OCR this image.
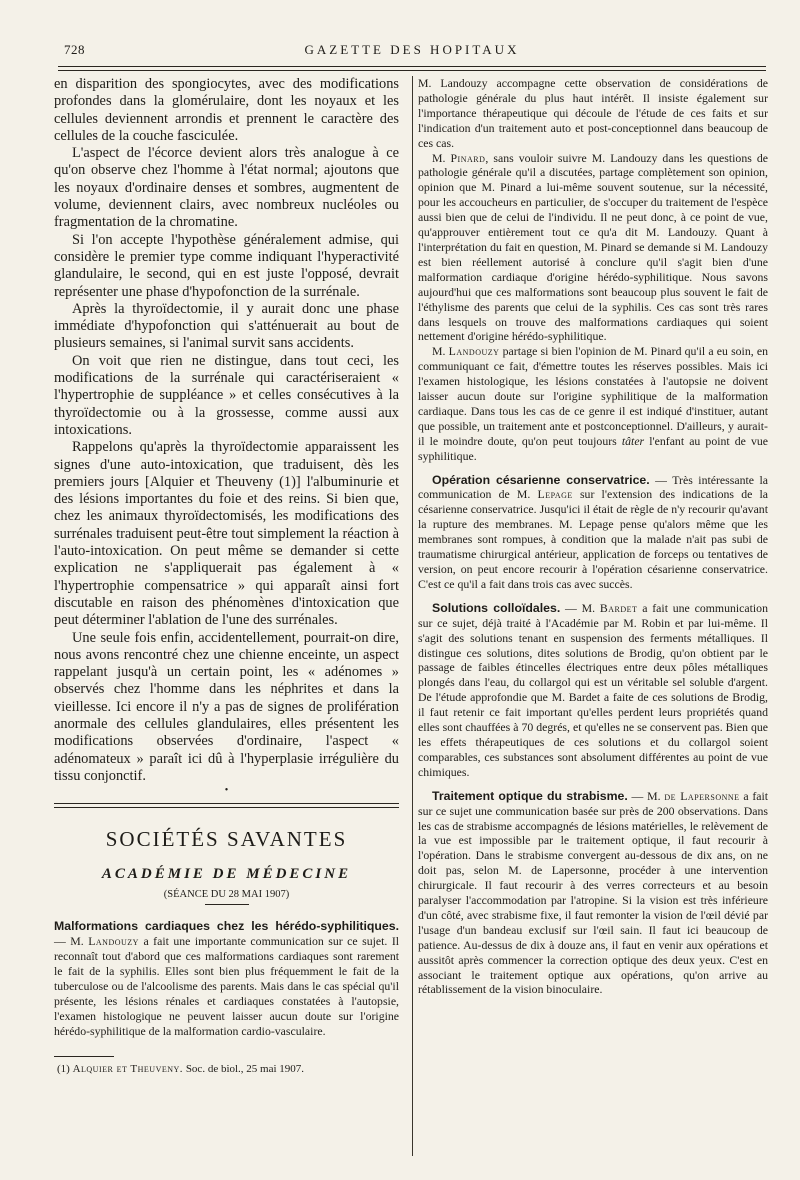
728	GAZETTE DES HOPITAUX

en disparition des spongiocytes, avec des modifications profondes dans la glomérulaire, dont les noyaux et les cellules deviennent arrondis et prennent le caractère des cellules de la couche fasciculée.

L'aspect de l'écorce devient alors très analogue à ce qu'on observe chez l'homme à l'état normal; ajoutons que les noyaux d'ordinaire denses et sombres, augmentent de volume, deviennent clairs, avec nombreux nucléoles ou fragmentation de la chromatine.

Si l'on accepte l'hypothèse généralement admise, qui considère le premier type comme indiquant l'hyperactivité glandulaire, le second, qui en est juste l'opposé, devrait représenter une phase d'hypofonction de la surrénale.

Après la thyroïdectomie, il y aurait donc une phase immédiate d'hypofonction qui s'atténuerait au bout de plusieurs semaines, si l'animal survit sans accidents.

On voit que rien ne distingue, dans tout ceci, les modifications de la surrénale qui caractériseraient « l'hypertrophie de suppléance » et celles consécutives à la thyroïdectomie ou à la grossesse, comme aussi aux intoxications.

Rappelons qu'après la thyroïdectomie apparaissent les signes d'une auto-intoxication, que traduisent, dès les premiers jours [Alquier et Theuveny (1)] l'albuminurie et des lésions importantes du foie et des reins. Si bien que, chez les animaux thyroïdectomisés, les modifications des surrénales traduisent peut-être tout simplement la réaction à l'auto-intoxication. On peut même se demander si cette explication ne s'appliquerait pas également à « l'hypertrophie compensatrice » qui apparaît ainsi fort discutable en raison des phénomènes d'intoxication que peut déterminer l'ablation de l'une des surrénales.

Une seule fois enfin, accidentellement, pourrait-on dire, nous avons rencontré chez une chienne enceinte, un aspect rappelant jusqu'à un certain point, les « adénomes » observés chez l'homme dans les néphrites et dans la vieillesse. Ici encore il n'y a pas de signes de prolifération anormale des cellules glandulaires, elles présentent les modifications observées d'ordinaire, l'aspect « adénomateux » paraît ici dû à l'hyperplasie irrégulière du tissu conjonctif.

•
SOCIÉTÉS SAVANTES
ACADÉMIE DE MÉDECINE
(SÉANCE DU 28 MAI 1907)

Malformations cardiaques chez les hérédo-syphilitiques. — M. Landouzy a fait une importante communication sur ce sujet. Il reconnaît tout d'abord que ces malformations cardiaques sont rarement le fait de la syphilis. Elles sont bien plus fréquemment le fait de la tuberculose ou de l'alcoolisme des parents. Mais dans le cas spécial qu'il présente, les lésions rénales et cardiaques constatées à l'autopsie, l'examen histologique ne peuvent laisser aucun doute sur l'origine hérédo-syphilitique de la malformation cardio-vasculaire.

(1) Alquier et Theuveny. Soc. de biol., 25 mai 1907.

M. Landouzy accompagne cette observation de considérations de pathologie générale du plus haut intérêt. Il insiste également sur l'importance thérapeutique qui découle de l'étude de ces faits et sur l'indication d'un traitement auto et post-conceptionnel dans beaucoup de ces cas.

M. Pinard, sans vouloir suivre M. Landouzy dans les questions de pathologie générale qu'il a discutées, partage complètement son opinion, opinion que M. Pinard a lui-même souvent soutenue, sur la nécessité, pour les accoucheurs en particulier, de s'occuper du traitement de l'espèce aussi bien que de celui de l'individu. Il ne peut donc, à ce point de vue, qu'approuver entièrement tout ce qu'a dit M. Landouzy. Quant à l'interprétation du fait en question, M. Pinard se demande si M. Landouzy est bien réellement autorisé à conclure qu'il s'agit bien d'une malformation cardiaque d'origine hérédo-syphilitique. Nous savons aujourd'hui que ces malformations sont beaucoup plus souvent le fait de l'éthylisme des parents que celui de la syphilis. Ces cas sont très rares dans lesquels on trouve des malformations cardiaques qui soient nettement d'origine hérédo-syphilitique.

M. Landouzy partage si bien l'opinion de M. Pinard qu'il a eu soin, en communiquant ce fait, d'émettre toutes les réserves possibles. Mais ici l'examen histologique, les lésions constatées à l'autopsie ne doivent laisser aucun doute sur l'origine syphilitique de la malformation cardiaque. Dans tous les cas de ce genre il est indiqué d'instituer, autant que possible, un traitement ante et postconceptionnel. D'ailleurs, y aurait-il le moindre doute, qu'on peut toujours tâter l'enfant au point de vue syphilitique.

Opération césarienne conservatrice. — Très intéressante la communication de M. Lepage sur l'extension des indications de la césarienne conservatrice. Jusqu'ici il était de règle de n'y recourir qu'avant la rupture des membranes. M. Lepage pense qu'alors même que les membranes sont rompues, à condition que la malade n'ait pas subi de traumatisme chirurgical antérieur, application de forceps ou tentatives de version, on peut encore recourir à l'opération césarienne conservatrice. C'est ce qu'il a fait dans trois cas avec succès.

Solutions colloïdales. — M. Bardet a fait une communication sur ce sujet, déjà traité à l'Académie par M. Robin et par lui-même. Il s'agit des solutions tenant en suspension des ferments métalliques. Il distingue ces solutions, dites solutions de Brodig, qu'on obtient par le passage de faibles étincelles électriques entre deux pôles métalliques plongés dans l'eau, du collargol qui est un véritable sel soluble d'argent. De l'étude approfondie que M. Bardet a faite de ces solutions de Brodig, il faut retenir ce fait important qu'elles perdent leurs propriétés quand elles sont chauffées à 70 degrés, et qu'elles ne se conservent pas. Bien que les effets thérapeutiques de ces solutions et du collargol soient comparables, ces substances sont absolument différentes au point de vue chimiques.

Traitement optique du strabisme. — M. de Lapersonne a fait sur ce sujet une communication basée sur près de 200 observations. Dans les cas de strabisme accompagnés de lésions matérielles, le relèvement de la vue est impossible par le traitement optique, il faut recourir à l'opération. Dans le strabisme convergent au-dessous de dix ans, on ne doit pas, selon M. de Lapersonne, procéder à une intervention chirurgicale. Il faut recourir à des verres correcteurs et au besoin paralyser l'accommodation par l'atropine. Si la vision est très inférieure d'un côté, avec strabisme fixe, il faut remonter la vision de l'œil dévié par l'usage d'un bandeau exclusif sur l'œil sain. Il faut ici beaucoup de patience. Au-dessus de dix à douze ans, il faut en venir aux opérations et aussitôt après commencer la correction optique des deux yeux. C'est en associant le traitement optique aux opérations, qu'on arrive au rétablissement de la vision binoculaire.
